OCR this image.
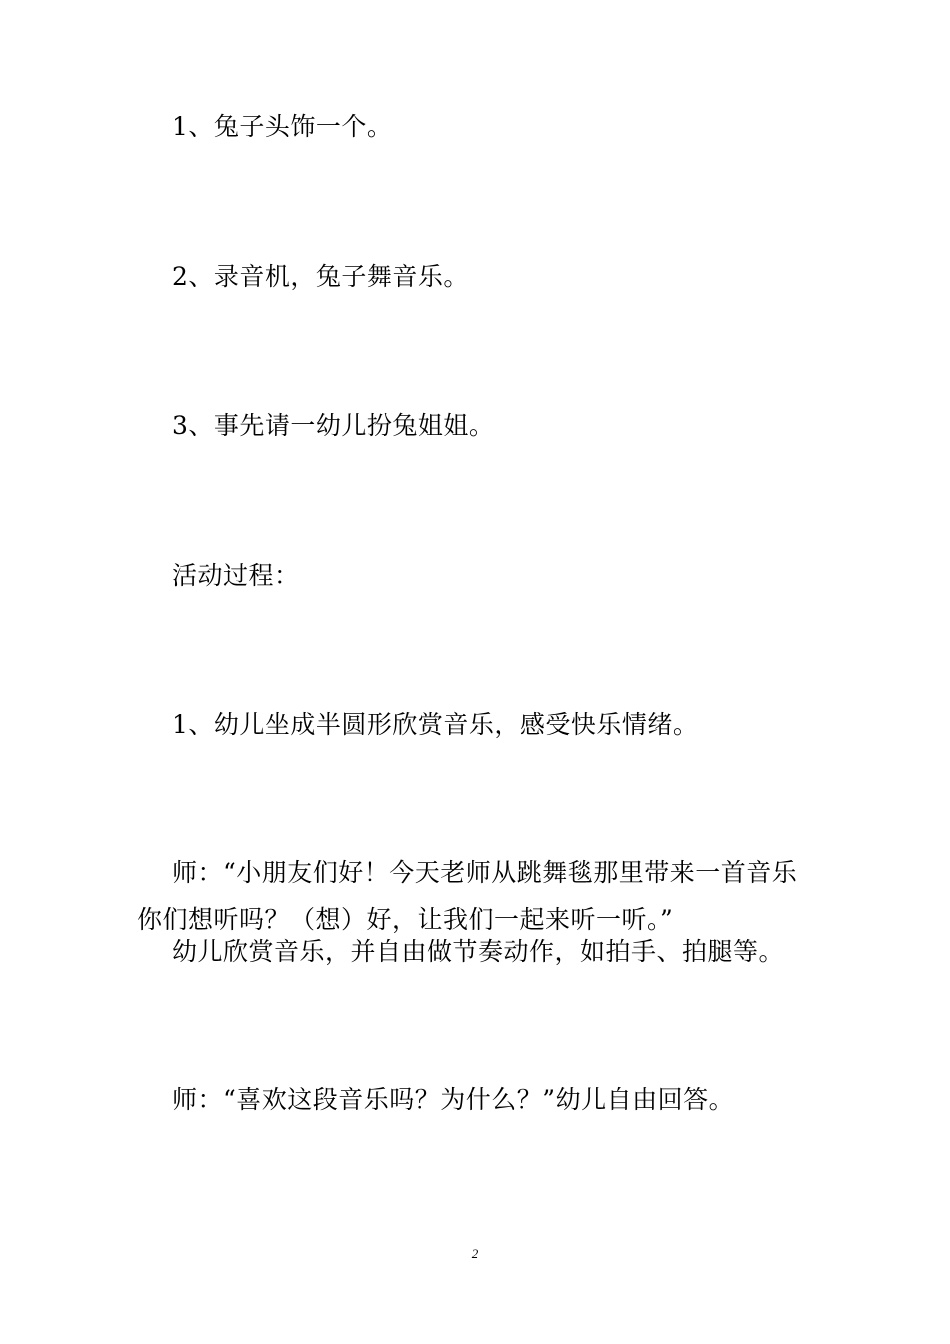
1、兔子头饰一个。
2、录音机，兔子舞音乐。
3、事先请一幼儿扮兔姐姐。
活动过程：
1、幼儿坐成半圆形欣赏音乐，感受快乐情绪。
师：“小朋友们好！今天老师从跳舞毯那里带来一首音乐
你们想听吗？（想）好，让我们一起来听一听。”
幼儿欣赏音乐，并自由做节奏动作，如拍手、拍腿等。
师：“喜欢这段音乐吗？为什么？”幼儿自由回答。
2
